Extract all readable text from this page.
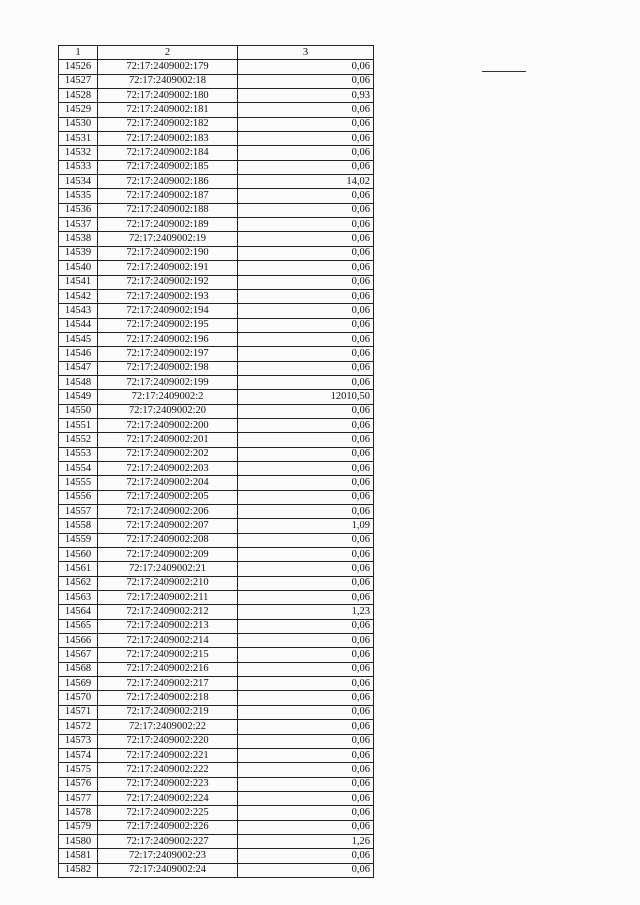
1	2	3
14526	72:17:2409002:179	0,06
14527	72:17:2409002:18	0,06
14528	72:17:2409002:180	0,93
14529	72:17:2409002:181	0,06
14530	72:17:2409002:182	0,06
14531	72:17:2409002:183	0,06
14532	72:17:2409002:184	0,06
14533	72:17:2409002:185	0,06
14534	72:17:2409002:186	14,02
14535	72:17:2409002:187	0,06
14536	72:17:2409002:188	0,06
14537	72:17:2409002:189	0,06
14538	72:17:2409002:19	0,06
14539	72:17:2409002:190	0,06
14540	72:17:2409002:191	0,06
14541	72:17:2409002:192	0,06
14542	72:17:2409002:193	0,06
14543	72:17:2409002:194	0,06
14544	72:17:2409002:195	0,06
14545	72:17:2409002:196	0,06
14546	72:17:2409002:197	0,06
14547	72:17:2409002:198	0,06
14548	72:17:2409002:199	0,06
14549	72:17:2409002:2	12010,50
14550	72:17:2409002:20	0,06
14551	72:17:2409002:200	0,06
14552	72:17:2409002:201	0,06
14553	72:17:2409002:202	0,06
14554	72:17:2409002:203	0,06
14555	72:17:2409002:204	0,06
14556	72:17:2409002:205	0,06
14557	72:17:2409002:206	0,06
14558	72:17:2409002:207	1,09
14559	72:17:2409002:208	0,06
14560	72:17:2409002:209	0,06
14561	72:17:2409002:21	0,06
14562	72:17:2409002:210	0,06
14563	72:17:2409002:211	0,06
14564	72:17:2409002:212	1,23
14565	72:17:2409002:213	0,06
14566	72:17:2409002:214	0,06
14567	72:17:2409002:215	0,06
14568	72:17:2409002:216	0,06
14569	72:17:2409002:217	0,06
14570	72:17:2409002:218	0,06
14571	72:17:2409002:219	0,06
14572	72:17:2409002:22	0,06
14573	72:17:2409002:220	0,06
14574	72:17:2409002:221	0,06
14575	72:17:2409002:222	0,06
14576	72:17:2409002:223	0,06
14577	72:17:2409002:224	0,06
14578	72:17:2409002:225	0,06
14579	72:17:2409002:226	0,06
14580	72:17:2409002:227	1,26
14581	72:17:2409002:23	0,06
14582	72:17:2409002:24	0,06
